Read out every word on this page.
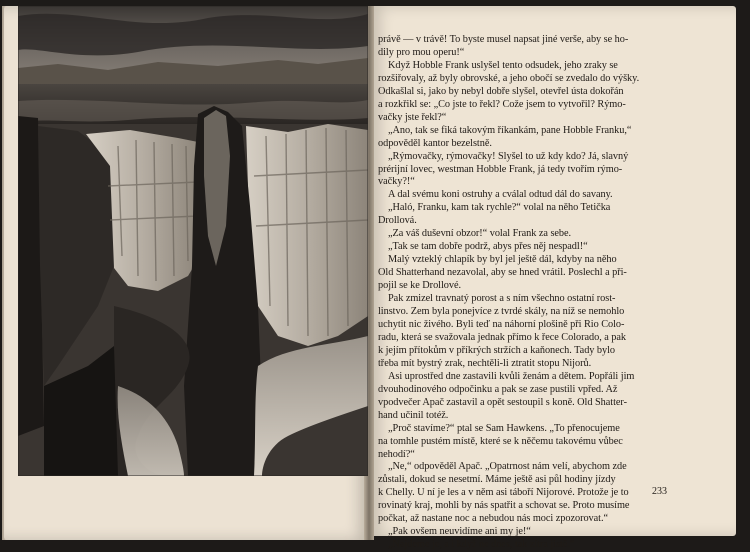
právě — v trávě! To byste musel napsat jiné verše, aby se ho-
dily pro mou operu!“
Když Hobble Frank uslyšel tento odsudek, jeho zraky se
rozšiřovaly, až byly obrovské, a jeho obočí se zvedalo do výšky.
Odkašlal si, jako by nebyl dobře slyšel, otevřel ústa dokořán
a rozkřikl se: „Co jste to řekl? Cože jsem to vytvořil? Rýmo-
vačky jste řekl?“
„Ano, tak se fiká takovým říkankám, pane Hobble Franku,“
odpověděl kantor bezelstně.
„Rýmovačky, rýmovačky! Slyšel to už kdy kdo? Já, slavný
prérijní lovec, westman Hobble Frank, já tedy tvořím rýmo-
vačky?!“
A dal svému koni ostruhy a cválal odtud dál do savany.
„Haló, Franku, kam tak rychle?“ volal na něho Tetička
Drollová.
„Za váš duševní obzor!“ volal Frank za sebe.
„Tak se tam dobře podrž, abys přes něj nespadl!“
Malý vzteklý chlapík by byl jel ještě dál, kdyby na něho
Old Shatterhand nezavolal, aby se hned vrátil. Poslechl a při-
pojil se ke Drollové.
Pak zmizel travnatý porost a s ním všechno ostatní rost-
linstvo. Zem byla ponejvíce z tvrdé skály, na níž se nemohlo
uchytit nic živého. Byli teď na náhorní plošině při Rio Colo-
radu, která se svažovala jednak přímo k řece Colorado, a pak
k jejím přítokům v příkrých stržích a kaňonech. Tady bylo
třeba mít bystrý zrak, nechtěli-li ztratit stopu Nijorů.
Asi uprostřed dne zastavili kvůli ženám a dětem. Popřáli jim
dvouhodinového odpočinku a pak se zase pustili vpřed. Až
vpodvečer Apač zastavil a opět sestoupil s koně. Old Shatter-
hand učinil totéž.
„Proč stavíme?“ ptal se Sam Hawkens. „To přenocujeme
na tomhle pustém místě, které se k něčemu takovému vůbec
nehodí?“
„Ne,“ odpověděl Apač. „Opatrnost nám velí, abychom zde
zůstali, dokud se nesetmí. Máme ještě asi půl hodiny jízdy
k Chelly. U ní je les a v něm asi táboří Nijorové. Protože je to
rovinatý kraj, mohli by nás spatřit a schovat se. Proto musíme
počkat, až nastane noc a nebudou nás moci zpozorovat.“
„Pak ovšem neuvidíme ani my je!“
„Najdeme je, a i když ne dnes, tak zítra jistě.“
233
